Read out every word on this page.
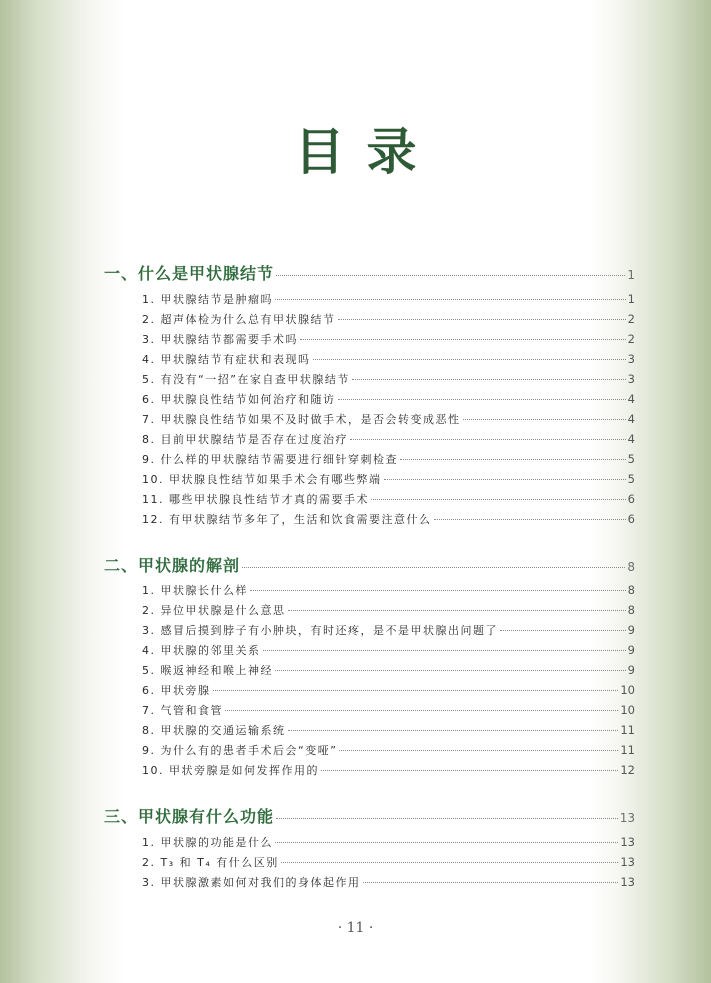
目录
一、什么是甲状腺结节	1
1. 甲状腺结节是肿瘤吗	1
2. 超声体检为什么总有甲状腺结节	2
3. 甲状腺结节都需要手术吗	2
4. 甲状腺结节有症状和表现吗	3
5. 有没有“一招”在家自查甲状腺结节	3
6. 甲状腺良性结节如何治疗和随访	4
7. 甲状腺良性结节如果不及时做手术，是否会转变成恶性	4
8. 目前甲状腺结节是否存在过度治疗	4
9. 什么样的甲状腺结节需要进行细针穿刺检查	5
10. 甲状腺良性结节如果手术会有哪些弊端	5
11. 哪些甲状腺良性结节才真的需要手术	6
12. 有甲状腺结节多年了，生活和饮食需要注意什么	6
二、甲状腺的解剖	8
1. 甲状腺长什么样	8
2. 异位甲状腺是什么意思	8
3. 感冒后摸到脖子有小肿块，有时还疼，是不是甲状腺出问题了	9
4. 甲状腺的邻里关系	9
5. 喉返神经和喉上神经	9
6. 甲状旁腺	10
7. 气管和食管	10
8. 甲状腺的交通运输系统	11
9. 为什么有的患者手术后会“变哑”	11
10. 甲状旁腺是如何发挥作用的	12
三、甲状腺有什么功能	13
1. 甲状腺的功能是什么	13
2. T₃ 和 T₄ 有什么区别	13
3. 甲状腺激素如何对我们的身体起作用	13
· 11 ·
